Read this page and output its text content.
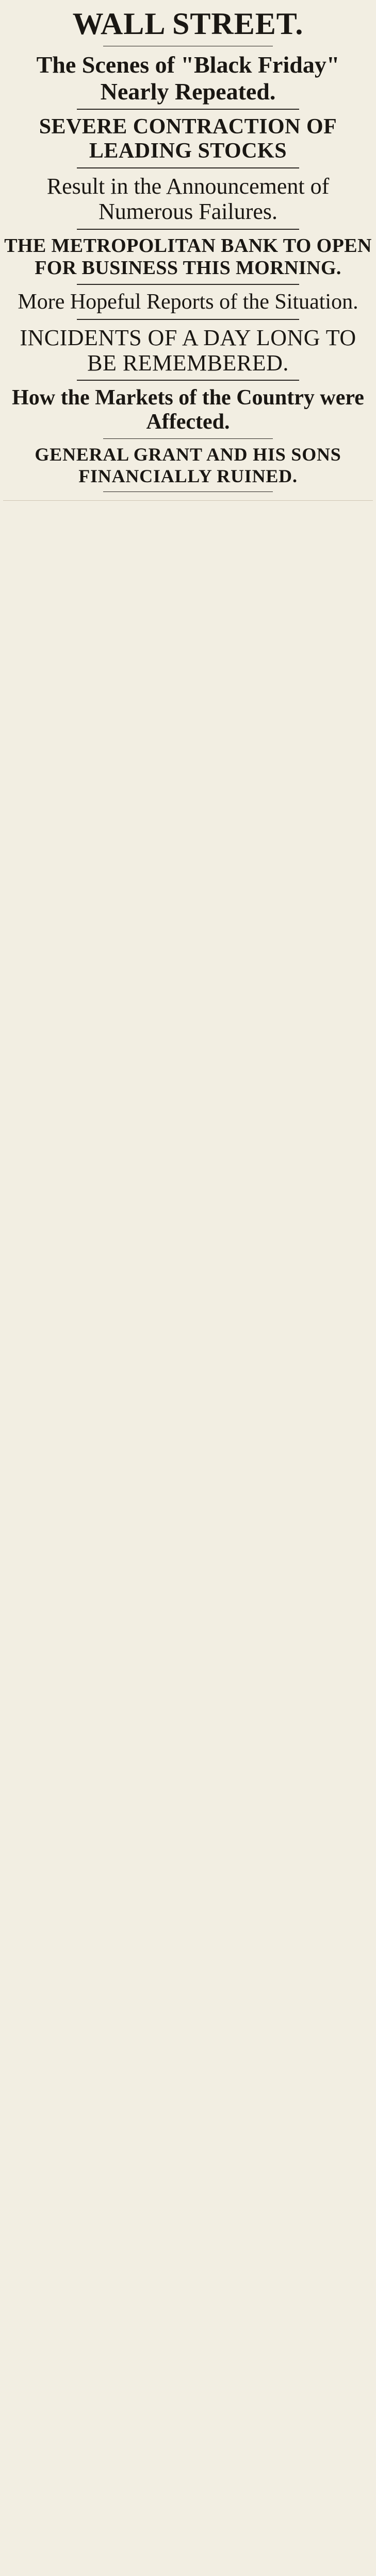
WALL STREET.
The Scenes of "Black Friday" Nearly Repeated.
SEVERE CONTRACTION OF LEADING STOCKS
Result in the Announcement of Numerous Failures.
THE METROPOLITAN BANK TO OPEN FOR BUSINESS THIS MORNING.
More Hopeful Reports of the Situation.
INCIDENTS OF A DAY LONG TO BE REMEMBERED.
How the Markets of the Country were Affected.
GENERAL GRANT AND HIS SONS FINANCIALLY RUINED.
